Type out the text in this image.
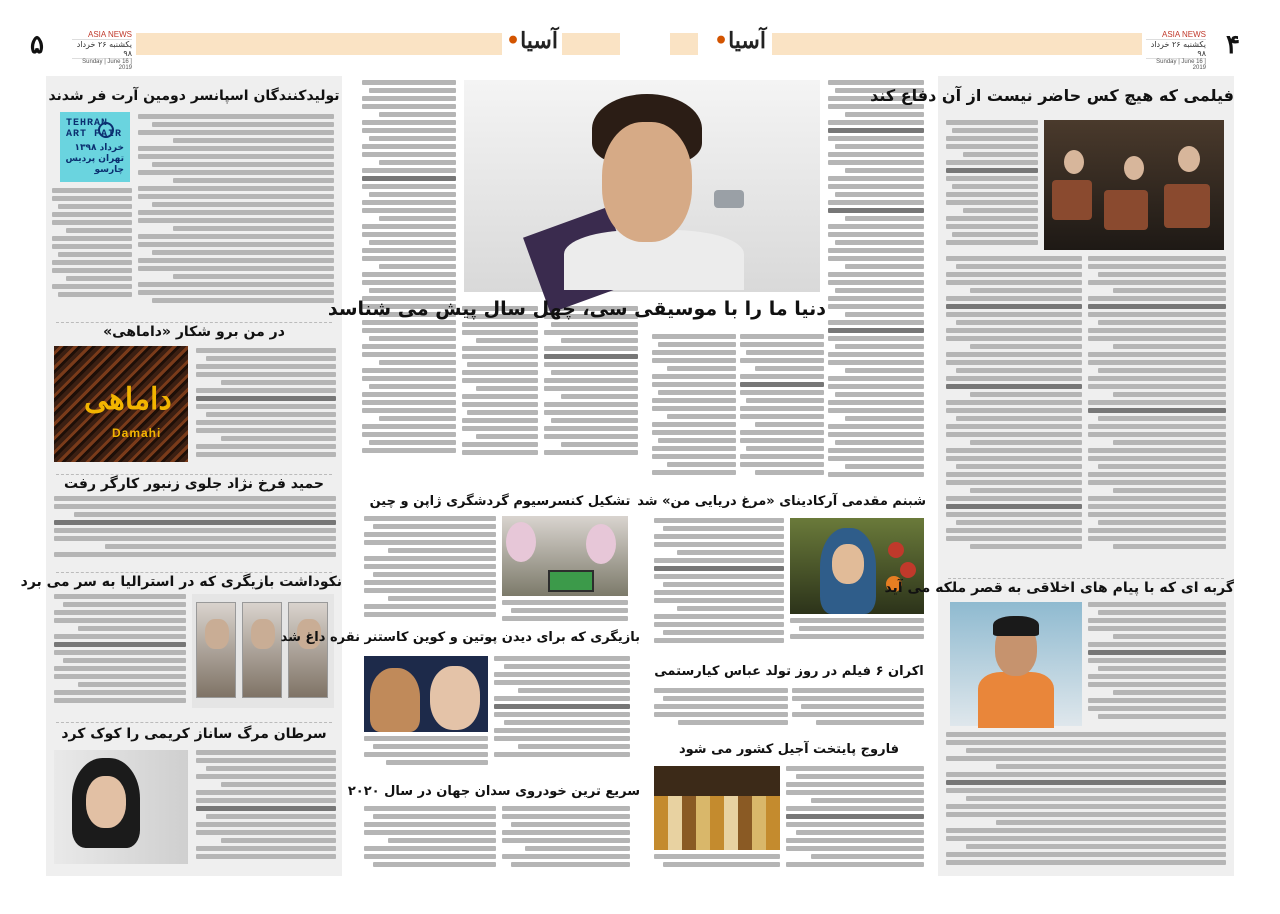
۵	ASIA NEWS
یکشنبه ۲۶ خرداد ۹۸
Sunday | June 16 | 2019
آسیا•
تولیدکنندگان اسپانسر دومین آرت فر شدند
TEHRAN ART FAIR
خرداد ۱۳۹۸ تهران پردیس چارسو
در من برو شکار «داماهی»
داماهی
Damahi
حمید فرخ نژاد جلوی زنبور کارگر رفت
نکوداشت بازیگری که در استرالیا به سر می برد
سرطان مرگ ساناز کریمی را کوک کرد
تشکیل کنسرسیوم گردشگری ژاپن و چین
بازیگری که برای دیدن پوتین و کوین کاستنر نقره داغ شد
سریع ترین خودروی سدان جهان در سال ۲۰۲۰
آسیا•	ASIA NEWS
یکشنبه ۲۶ خرداد ۹۸
Sunday | June 16 | 2019
۴
دنیا ما را با موسیقی سی، چهل سال پیش می شناسد
شبنم مقدمی آرکادینای «مرغ دریایی من» شد
اکران ۶ فیلم در روز تولد عباس کیارستمی
فاروج پایتخت آجیل کشور می شود
فیلمی که هیچ کس حاضر نیست از آن دفاع کند
گربه ای که با پیام های اخلاقی به قصر ملکه می آید
